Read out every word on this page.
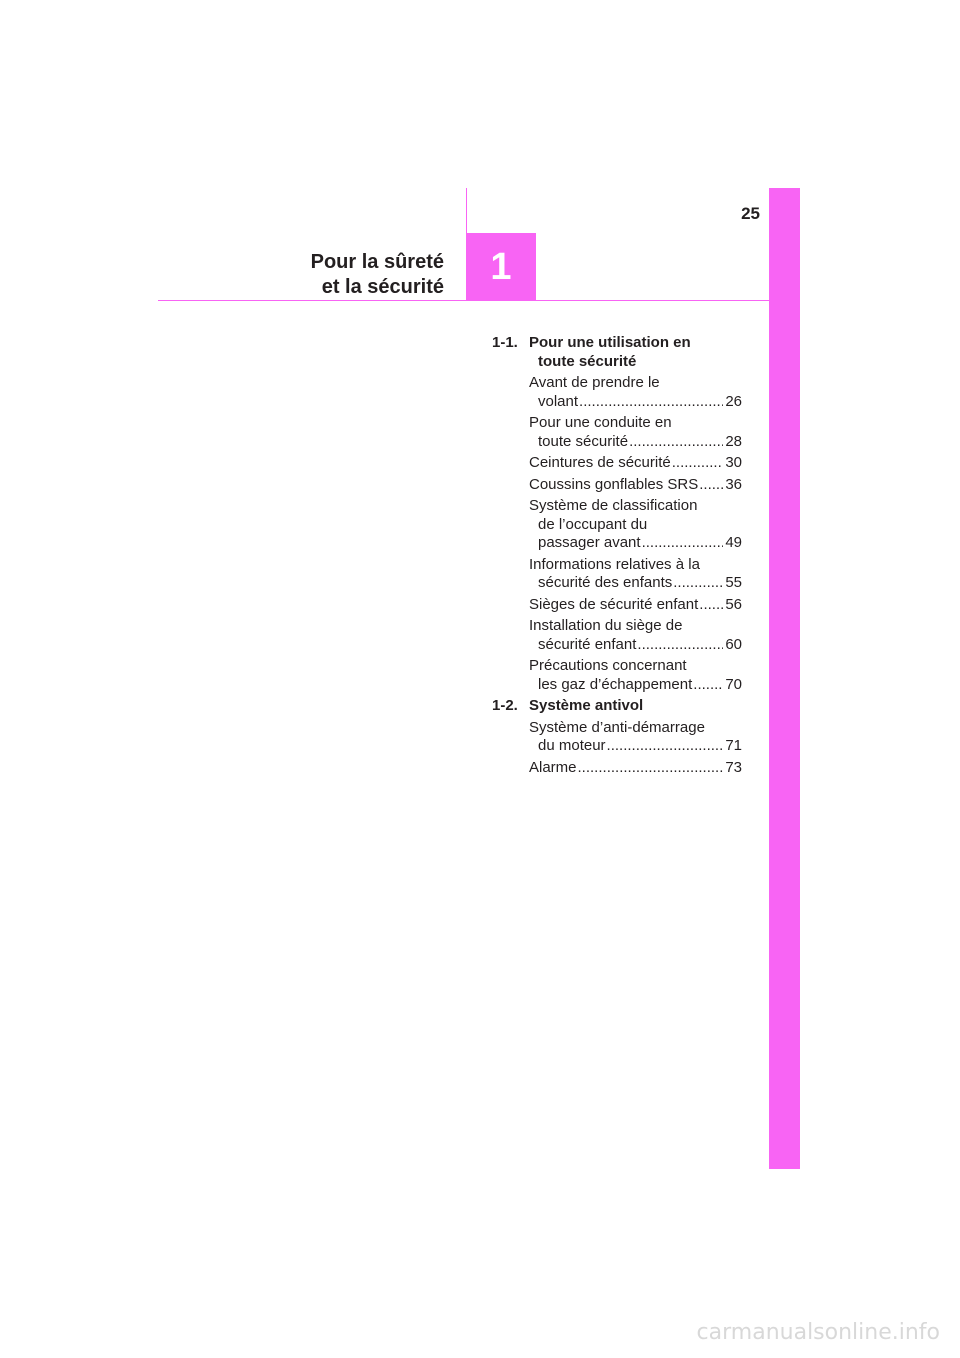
25
1
Pour la sûreté
et la sécurité
1-1. Pour une utilisation en
toute sécurité
Avant de prendre le
volant .....	26
Pour une conduite en
toute sécurité .....	28
Ceintures de sécurité .....	30
Coussins gonflables SRS ..... 36
Système de classification
de l’occupant du
passager avant .....	49
Informations relatives à la
sécurité des enfants .....	55
Sièges de sécurité enfant ..... 56
Installation du siège de
sécurité enfant .....	60
Précautions concernant
les gaz d’échappement ..... 70
1-2. Système antivol
Système d’anti-démarrage
du moteur .....	71
Alarme .....	73
carmanualsonline.info
